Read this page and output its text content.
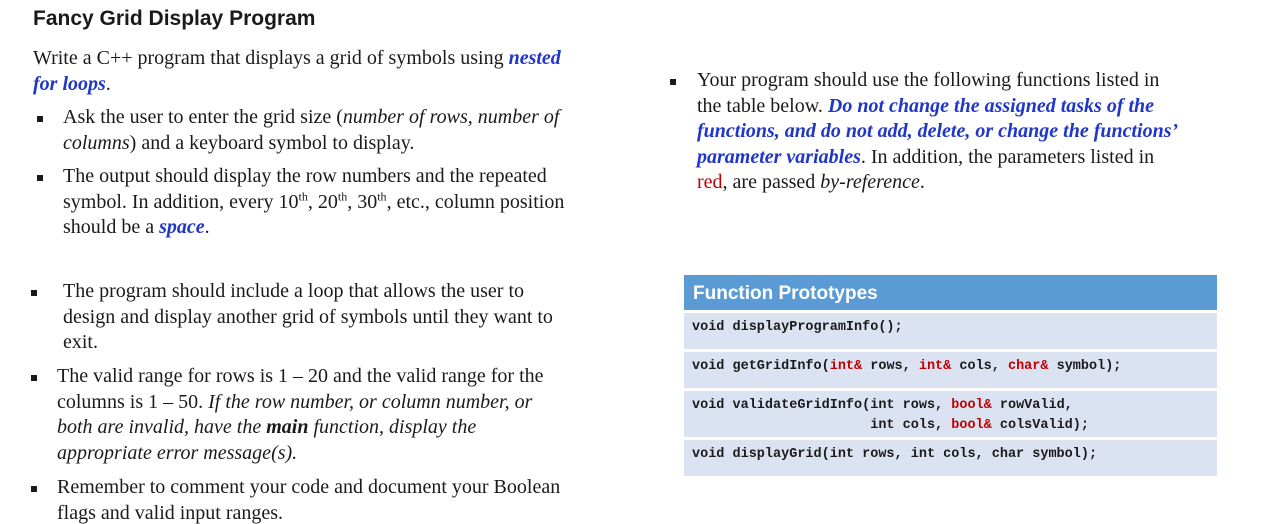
Fancy Grid Display Program
Write a C++ program that displays a grid of symbols using nested
for loops.
Ask the user to enter the grid size (number of rows, number of
columns) and a keyboard symbol to display.
The output should display the row numbers and the repeated
symbol. In addition, every 10th, 20th, 30th, etc., column position
should be a space.
The program should include a loop that allows the user to
design and display another grid of symbols until they want to
exit.
The valid range for rows is 1 – 20 and the valid range for the
columns is 1 – 50. If the row number, or column number, or
both are invalid, have the main function, display the
appropriate error message(s).
Remember to comment your code and document your Boolean
flags and valid input ranges.
Your program should use the following functions listed in
the table below. Do not change the assigned tasks of the
functions, and do not add, delete, or change the functions’
parameter variables. In addition, the parameters listed in
red, are passed by-reference.
Function Prototypes
void displayProgramInfo();
void getGridInfo(int& rows, int& cols, char& symbol);
void validateGridInfo(int rows, bool& rowValid,
int cols, bool& colsValid);
void displayGrid(int rows, int cols, char symbol);
